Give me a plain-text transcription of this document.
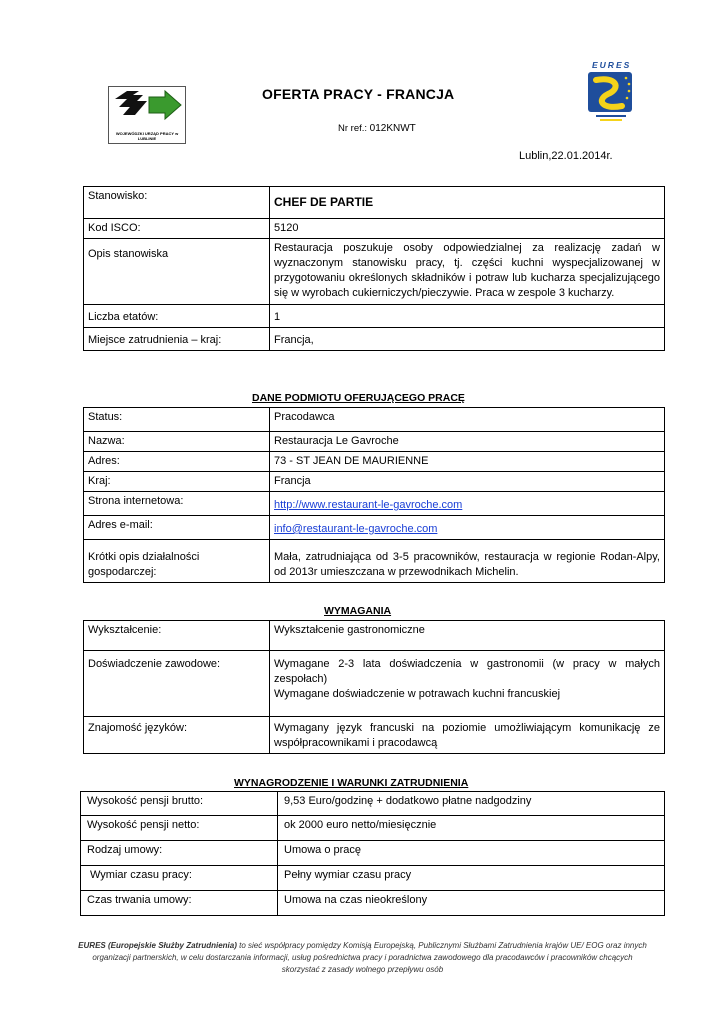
WOJEWÓDZKI URZĄD PRACY w LUBLINIE
OFERTA PRACY - FRANCJA
Nr ref.: 012KNWT
EURES
Lublin,22.01.2014r.
Stanowisko:	CHEF DE PARTIE
Kod ISCO:	5120
Opis stanowiska	Restauracja poszukuje osoby odpowiedzialnej za realizację zadań w wyznaczonym stanowisku pracy, tj. części kuchni wyspecjalizowanej w przygotowaniu określonych składników i potraw lub kucharza specjalizującego się w wyrobach cukierniczych/pieczywie. Praca w zespole 3 kucharzy.
Liczba etatów:	1
Miejsce zatrudnienia – kraj:	Francja,
DANE PODMIOTU OFERUJĄCEGO PRACĘ
Status:	Pracodawca
Nazwa:	Restauracja Le Gavroche
Adres:	73 - ST JEAN DE MAURIENNE
Kraj:	Francja
Strona internetowa:	http://www.restaurant-le-gavroche.com
Adres e-mail:	info@restaurant-le-gavroche.com
Krótki opis działalności gospodarczej:	Mała, zatrudniająca od 3-5 pracowników, restauracja w regionie Rodan-Alpy, od 2013r umieszczana w przewodnikach Michelin.
WYMAGANIA
Wykształcenie:	Wykształcenie gastronomiczne
Doświadczenie zawodowe:	Wymagane 2-3 lata doświadczenia w gastronomii (w pracy w małych zespołach)
Wymagane doświadczenie w potrawach kuchni francuskiej

Znajomość języków:	Wymagany język francuski na poziomie umożliwiającym komunikację ze współpracownikami i pracodawcą
WYNAGRODZENIE I WARUNKI ZATRUDNIENIA
Wysokość pensji brutto:	9,53 Euro/godzinę + dodatkowo płatne nadgodziny
Wysokość pensji netto:	ok 2000 euro netto/miesięcznie
Rodzaj umowy:	Umowa o pracę
Wymiar czasu pracy:	Pełny wymiar czasu pracy
Czas trwania umowy:	Umowa na czas nieokreślony
EURES (Europejskie Służby Zatrudnienia) to sieć współpracy pomiędzy Komisją Europejską, Publicznymi Służbami Zatrudnienia krajów UE/ EOG oraz innych organizacji partnerskich, w celu dostarczania informacji, usług pośrednictwa pracy i poradnictwa zawodowego dla pracodawców i pracowników chcących skorzystać z zasady wolnego przepływu osób
